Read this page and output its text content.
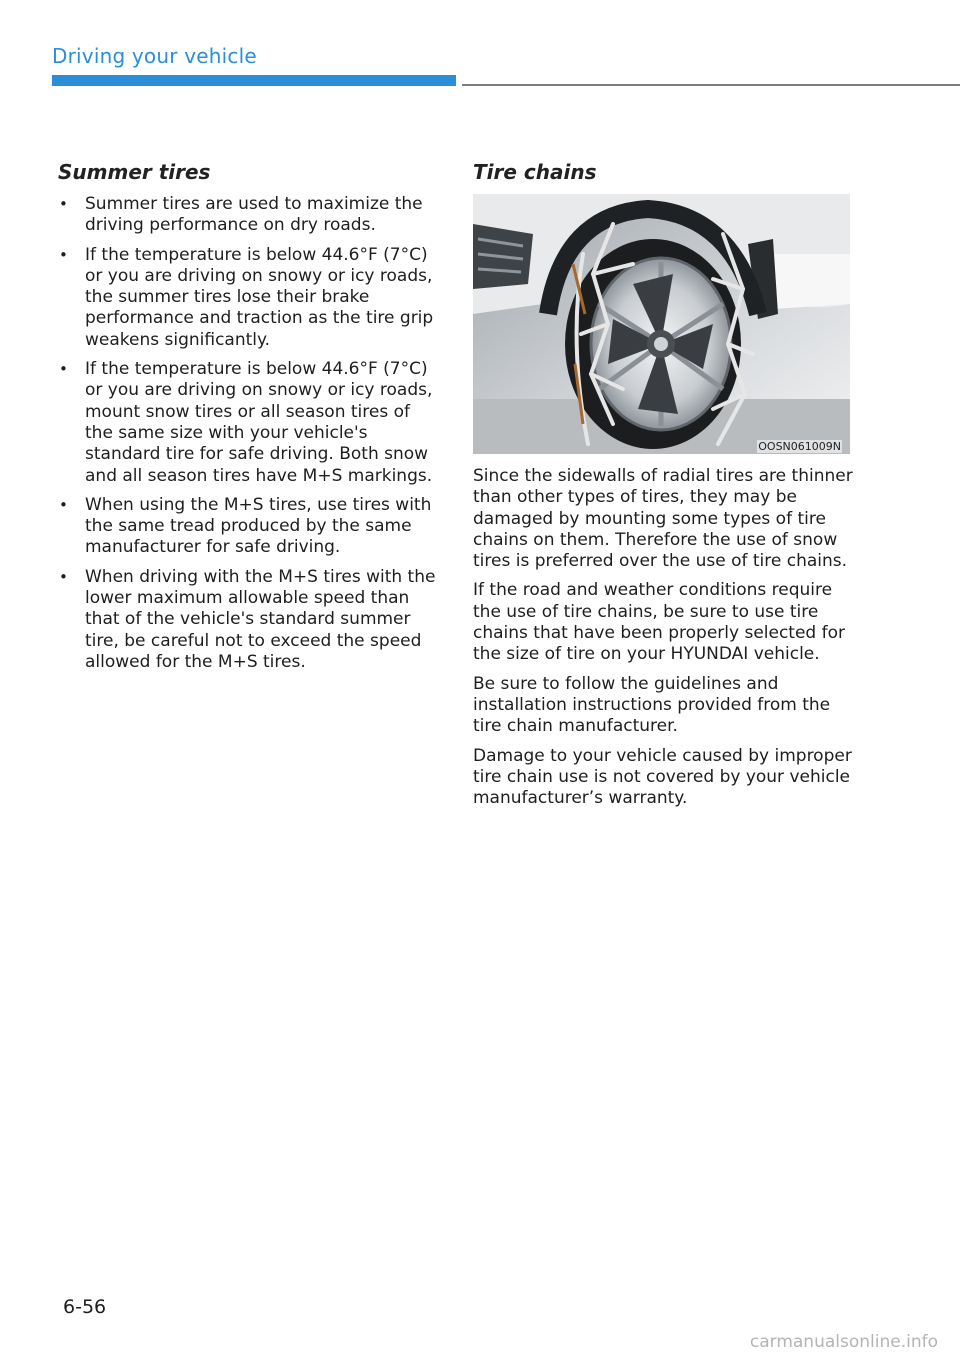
Driving your vehicle
Summer tires
• Summer tires are used to maximize the driving performance on dry roads.
• If the temperature is below 44.6°F (7°C) or you are driving on snowy or icy roads, the summer tires lose their brake performance and traction as the tire grip weakens significantly.
• If the temperature is below 44.6°F (7°C) or you are driving on snowy or icy roads, mount snow tires or all season tires of the same size with your vehicle's standard tire for safe driving. Both snow and all season tires have M+S markings.
• When using the M+S tires, use tires with the same tread produced by the same manufacturer for safe driving.
• When driving with the M+S tires with the lower maximum allowable speed than that of the vehicle's standard summer tire, be careful not to exceed the speed allowed for the M+S tires.
Tire chains
OOSN061009N

Since the sidewalls of radial tires are thinner than other types of tires, they may be damaged by mounting some types of tire chains on them. Therefore the use of snow tires is preferred over the use of tire chains.

If the road and weather conditions require the use of tire chains, be sure to use tire chains that have been properly selected for the size of tire on your HYUNDAI vehicle.

Be sure to follow the guidelines and installation instructions provided from the tire chain manufacturer.

Damage to your vehicle caused by improper tire chain use is not covered by your vehicle manufacturer’s warranty.

6-56
carmanualsonline.info
